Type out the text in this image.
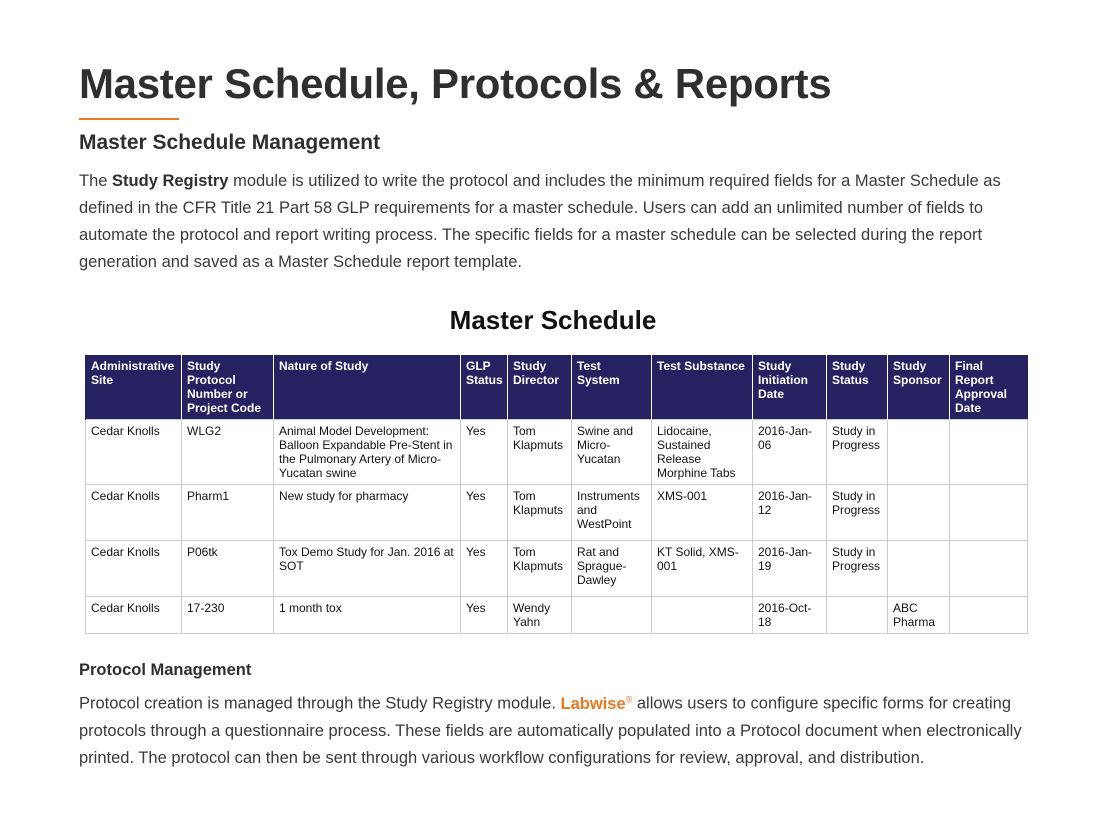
Master Schedule, Protocols & Reports
Master Schedule Management

The Study Registry module is utilized to write the protocol and includes the minimum required fields for a Master Schedule as defined in the CFR Title 21 Part 58 GLP requirements for a master schedule. Users can add an unlimited number of fields to automate the protocol and report writing process. The specific fields for a master schedule can be selected during the report generation and saved as a Master Schedule report template.

Master Schedule
Administrative Site	Study Protocol Number or Project Code	Nature of Study	GLP Status	Study Director	Test System	Test Substance	Study Initiation Date	Study Status	Study Sponsor	Final Report Approval Date
Cedar Knolls	WLG2	Animal Model Development: Balloon Expandable Pre-Stent in the Pulmonary Artery of Micro-Yucatan swine	Yes	Tom Klapmuts	Swine and Micro-Yucatan	Lidocaine, Sustained Release Morphine Tabs	2016-Jan-06	Study in Progress		
Cedar Knolls	Pharm1	New study for pharmacy	Yes	Tom Klapmuts	Instruments and WestPoint	XMS-001	2016-Jan-12	Study in Progress		
Cedar Knolls	P06tk	Tox Demo Study for Jan. 2016 at SOT	Yes	Tom Klapmuts	Rat and Sprague-Dawley	KT Solid, XMS-001	2016-Jan-19	Study in Progress		
Cedar Knolls	17-230	1 month tox	Yes	Wendy Yahn			2016-Oct-18		ABC Pharma	
Protocol Management

Protocol creation is managed through the Study Registry module. Labwise® allows users to configure specific forms for creating protocols through a questionnaire process. These fields are automatically populated into a Protocol document when electronically printed. The protocol can then be sent through various workflow configurations for review, approval, and distribution.
